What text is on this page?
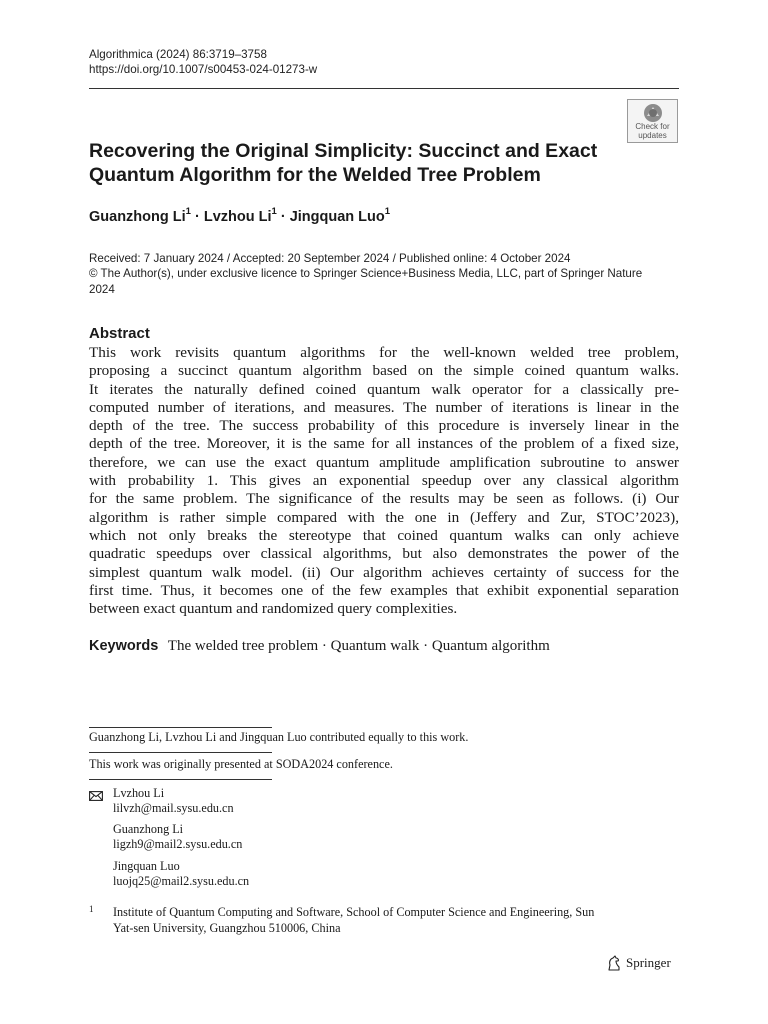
Algorithmica (2024) 86:3719–3758
https://doi.org/10.1007/s00453-024-01273-w
Check for
updates
Recovering the Original Simplicity: Succinct and Exact
Quantum Algorithm for the Welded Tree Problem
Guanzhong $Li^1$ · Lvzhou $Li^1$ · Jingquan Luo$^1$
Received: 7 January 2024 / Accepted: 20 September 2024 / Published online: 4 October 2024
© The Author(s), under exclusive licence to Springer Science+Business Media, LLC, part of Springer Nature
2024
Abstract
This work revisits quantum algorithms for the well-known welded tree problem,
proposing a succinct quantum algorithm based on the simple coined quantum walks.
It iterates the naturally defined coined quantum walk operator for a classically pre-
computed number of iterations, and measures. The number of iterations is linear in the
depth of the tree. The success probability of this procedure is inversely linear in the
depth of the tree. Moreover, it is the same for all instances of the problem of a fixed size,
therefore, we can use the exact quantum amplitude amplification subroutine to answer
with probability 1. This gives an exponential speedup over any classical algorithm
for the same problem. The significance of the results may be seen as follows. (i) Our
algorithm is rather simple compared with the one in (Jeffery and Zur, STOC’2023),
which not only breaks the stereotype that coined quantum walks can only achieve
quadratic speedups over classical algorithms, but also demonstrates the power of the
simplest quantum walk model. (ii) Our algorithm achieves certainty of success for the
first time. Thus, it becomes one of the few examples that exhibit exponential separation
between exact quantum and randomized query complexities.
Keywords The welded tree problem · Quantum walk · Quantum algorithm
Guanzhong Li, Lvzhou Li and Jingquan Luo contributed equally to this work.
This work was originally presented at SODA2024 conference.
Lvzhou Li
lilvzh@mail.sysu.edu.cn
Guanzhong Li
ligzh9@mail2.sysu.edu.cn
Jingquan Luo
luojq25@mail2.sysu.edu.cn
1 Institute of Quantum Computing and Software, School of Computer Science and Engineering, Sun
Yat-sen University, Guangzhou 510006, China
Springer
